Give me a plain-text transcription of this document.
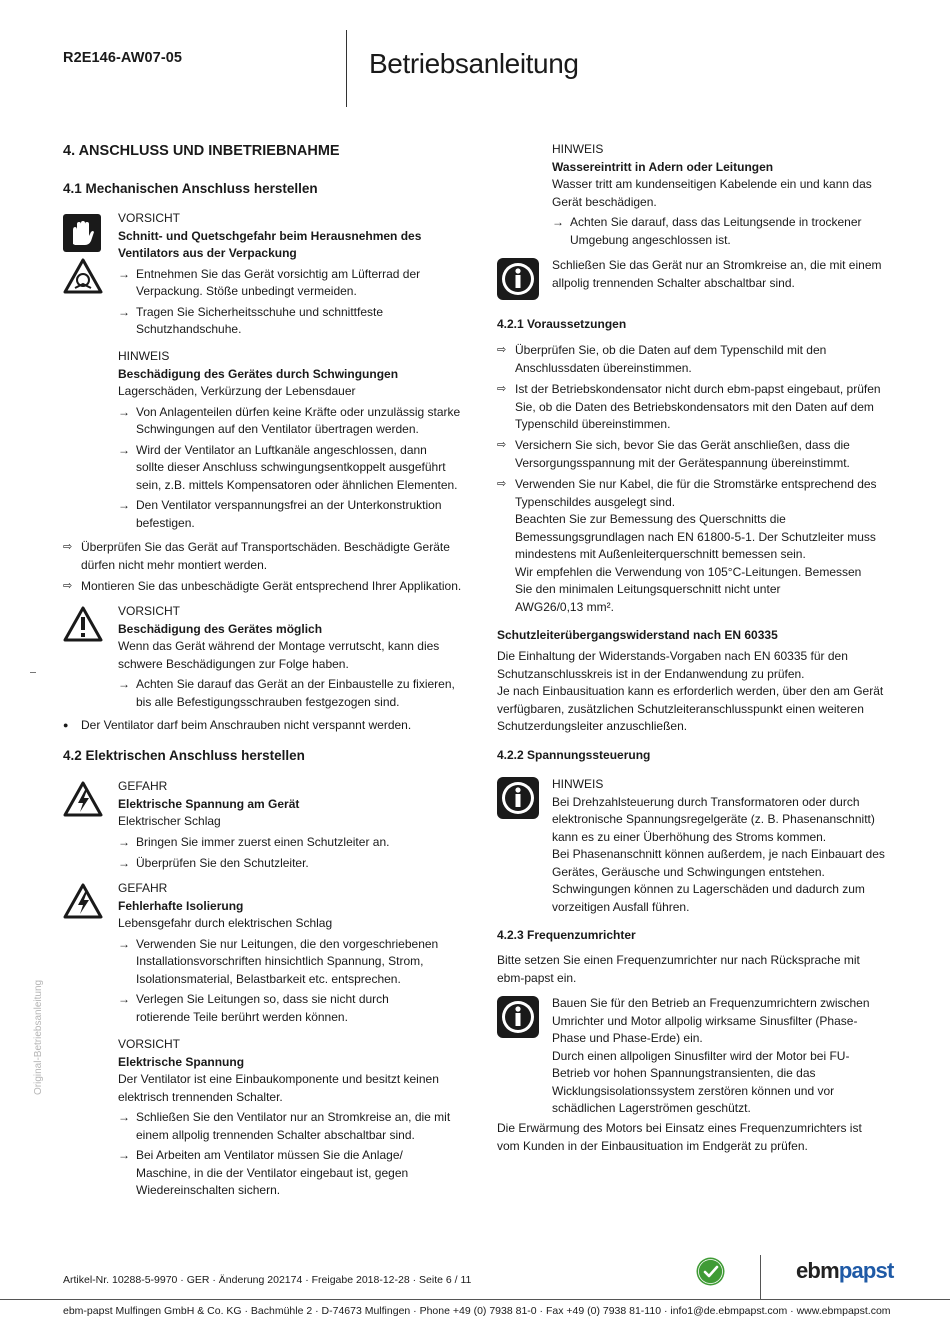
R2E146-AW07-05	Betriebsanleitung
Original-Betriebsanleitung
4. ANSCHLUSS UND INBETRIEBNAHME
4.1 Mechanischen Anschluss herstellen
VORSICHT
Schnitt- und Quetschgefahr beim Herausnehmen des
Ventilators aus der Verpackung
→ Entnehmen Sie das Gerät vorsichtig am Lüfterrad der
Verpackung. Stöße unbedingt vermeiden.
→ Tragen Sie Sicherheitsschuhe und schnittfeste
Schutzhandschuhe.
HINWEIS
Beschädigung des Gerätes durch Schwingungen
Lagerschäden, Verkürzung der Lebensdauer
→ Von Anlagenteilen dürfen keine Kräfte oder unzulässig starke
Schwingungen auf den Ventilator übertragen werden.
→ Wird der Ventilator an Luftkanäle angeschlossen, dann
sollte dieser Anschluss schwingungsentkoppelt ausgeführt
sein, z.B. mittels Kompensatoren oder ähnlichen Elementen.
→ Den Ventilator verspannungsfrei an der Unterkonstruktion
befestigen.
⇨ Überprüfen Sie das Gerät auf Transportschäden. Beschädigte Geräte
dürfen nicht mehr montiert werden.
⇨ Montieren Sie das unbeschädigte Gerät entsprechend Ihrer Applikation.
VORSICHT
Beschädigung des Gerätes möglich
Wenn das Gerät während der Montage verrutscht, kann dies
schwere Beschädigungen zur Folge haben.
→ Achten Sie darauf das Gerät an der Einbaustelle zu fixieren,
bis alle Befestigungsschrauben festgezogen sind.
● Der Ventilator darf beim Anschrauben nicht verspannt werden.
4.2 Elektrischen Anschluss herstellen
GEFAHR
Elektrische Spannung am Gerät
Elektrischer Schlag
→ Bringen Sie immer zuerst einen Schutzleiter an.
→ Überprüfen Sie den Schutzleiter.
GEFAHR
Fehlerhafte Isolierung
Lebensgefahr durch elektrischen Schlag
→ Verwenden Sie nur Leitungen, die den vorgeschriebenen
Installationsvorschriften hinsichtlich Spannung, Strom,
Isolationsmaterial, Belastbarkeit etc. entsprechen.
→ Verlegen Sie Leitungen so, dass sie nicht durch
rotierende Teile berührt werden können.
VORSICHT
Elektrische Spannung
Der Ventilator ist eine Einbaukomponente und besitzt keinen
elektrisch trennenden Schalter.
→ Schließen Sie den Ventilator nur an Stromkreise an, die mit
einem allpolig trennenden Schalter abschaltbar sind.
→ Bei Arbeiten am Ventilator müssen Sie die Anlage/
Maschine, in die der Ventilator eingebaut ist, gegen
Wiedereinschalten sichern.
HINWEIS
Wassereintritt in Adern oder Leitungen
Wasser tritt am kundenseitigen Kabelende ein und kann das
Gerät beschädigen.
→ Achten Sie darauf, dass das Leitungsende in trockener
Umgebung angeschlossen ist.
Schließen Sie das Gerät nur an Stromkreise an, die mit einem
allpolig trennenden Schalter abschaltbar sind.
4.2.1 Voraussetzungen
⇨ Überprüfen Sie, ob die Daten auf dem Typenschild mit den
Anschlussdaten übereinstimmen.
⇨ Ist der Betriebskondensator nicht durch ebm-papst eingebaut, prüfen
Sie, ob die Daten des Betriebskondensators mit den Daten auf dem
Typenschild übereinstimmen.
⇨ Versichern Sie sich, bevor Sie das Gerät anschließen, dass die
Versorgungsspannung mit der Gerätespannung übereinstimmt.
⇨ Verwenden Sie nur Kabel, die für die Stromstärke entsprechend des
Typenschildes ausgelegt sind.
Beachten Sie zur Bemessung des Querschnitts die
Bemessungsgrundlagen nach EN 61800-5-1. Der Schutzleiter muss
mindestens mit Außenleiterquerschnitt bemessen sein.
Wir empfehlen die Verwendung von 105°C-Leitungen. Bemessen
Sie den minimalen Leitungsquerschnitt nicht unter
AWG26/0,13 mm².
Schutzleiterübergangswiderstand nach EN 60335
Die Einhaltung der Widerstands-Vorgaben nach EN 60335 für den
Schutzanschlusskreis ist in der Endanwendung zu prüfen.
Je nach Einbausituation kann es erforderlich werden, über den am Gerät
verfügbaren, zusätzlichen Schutzleiteranschlusspunkt einen weiteren
Schutzerdungsleiter anzuschließen.
4.2.2 Spannungssteuerung
HINWEIS
Bei Drehzahlsteuerung durch Transformatoren oder durch
elektronische Spannungsregelgeräte (z. B. Phasenanschnitt)
kann es zu einer Überhöhung des Stroms kommen.
Bei Phasenanschnitt können außerdem, je nach Einbauart des
Gerätes, Geräusche und Schwingungen entstehen.
Schwingungen können zu Lagerschäden und dadurch zum
vorzeitigen Ausfall führen.
4.2.3 Frequenzumrichter
Bitte setzen Sie einen Frequenzumrichter nur nach Rücksprache mit
ebm-papst ein.
Bauen Sie für den Betrieb an Frequenzumrichtern zwischen
Umrichter und Motor allpolig wirksame Sinusfilter (Phase-
Phase und Phase-Erde) ein.
Durch einen allpoligen Sinusfilter wird der Motor bei FU-
Betrieb vor hohen Spannungstransienten, die das
Wicklungsisolationssystem zerstören können und vor
schädlichen Lagerströmen geschützt.
Die Erwärmung des Motors bei Einsatz eines Frequenzumrichters ist
vom Kunden in der Einbausituation im Endgerät zu prüfen.
Artikel-Nr. 10288-5-9970 · GER · Änderung 202174 · Freigabe 2018-12-28 · Seite 6 / 11	ebmpapst
ebm-papst Mulfingen GmbH & Co. KG · Bachmühle 2 · D-74673 Mulfingen · Phone +49 (0) 7938 81-0 · Fax +49 (0) 7938 81-110 · info1@de.ebmpapst.com · www.ebmpapst.com
